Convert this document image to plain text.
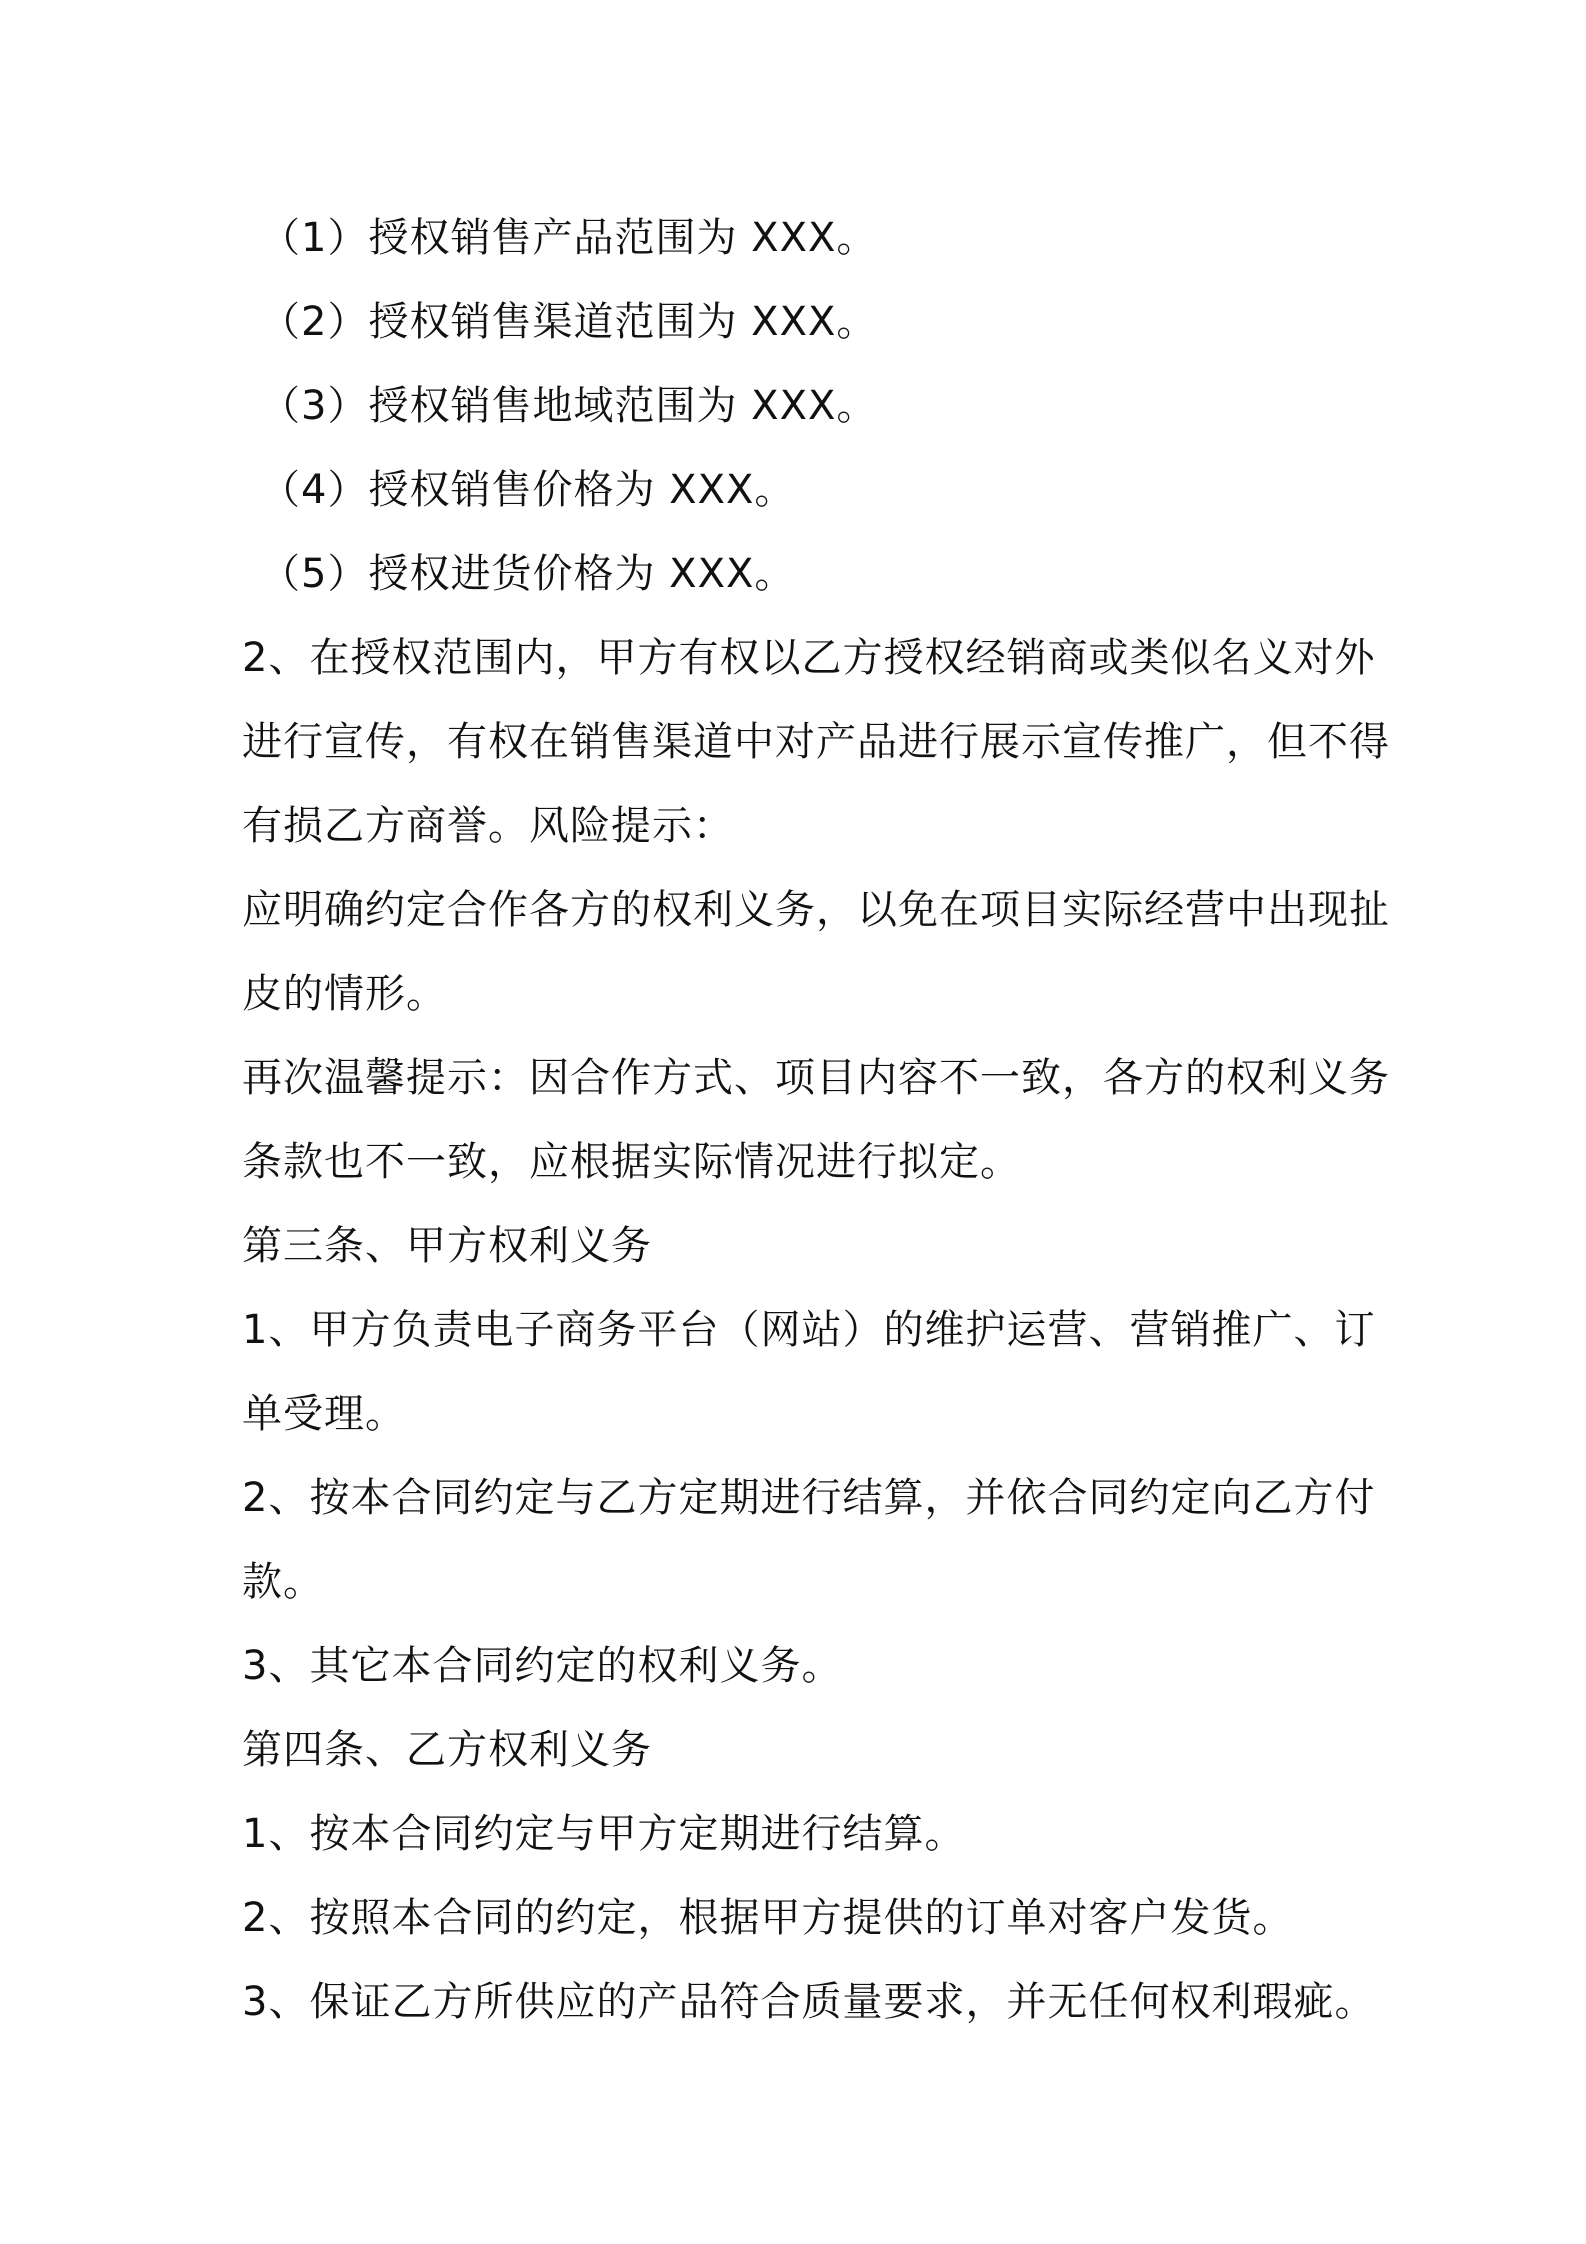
（1）授权销售产品范围为 XXX。
（2）授权销售渠道范围为 XXX。
（3）授权销售地域范围为 XXX。
（4）授权销售价格为 XXX。
（5）授权进货价格为 XXX。
2、在授权范围内，甲方有权以乙方授权经销商或类似名义对外
进行宣传，有权在销售渠道中对产品进行展示宣传推广，但不得
有损乙方商誉。风险提示：
应明确约定合作各方的权利义务，以免在项目实际经营中出现扯
皮的情形。
再次温馨提示：因合作方式、项目内容不一致，各方的权利义务
条款也不一致，应根据实际情况进行拟定。
第三条、甲方权利义务
1、甲方负责电子商务平台（网站）的维护运营、营销推广、订
单受理。
2、按本合同约定与乙方定期进行结算，并依合同约定向乙方付
款。
3、其它本合同约定的权利义务。
第四条、乙方权利义务
1、按本合同约定与甲方定期进行结算。
2、按照本合同的约定，根据甲方提供的订单对客户发货。
3、保证乙方所供应的产品符合质量要求，并无任何权利瑕疵。
